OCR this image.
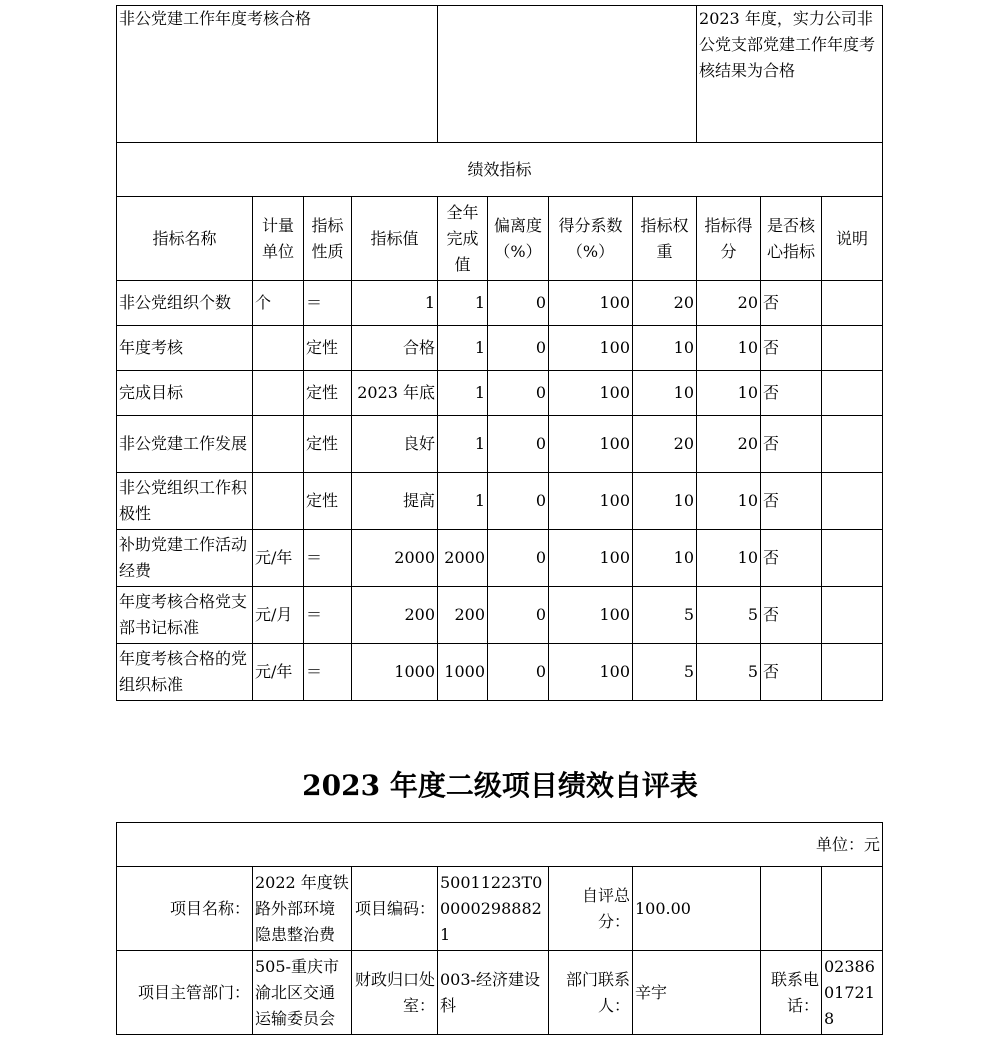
非公党建工作年度考核合格								2023 年度，实力公司非公党支部党建工作年度考核结果为合格		
绩效指标										
指标名称	计量单位	指标性质	指标值	全年完成值	偏离度（%）	得分系数（%）	指标权重	指标得分	是否核心指标	说明
非公党组织个数	个	＝	1	1	0	100	20	20	否	
年度考核		定性	合格	1	0	100	10	10	否	
完成目标		定性	2023 年底	1	0	100	10	10	否	
非公党建工作发展		定性	良好	1	0	100	20	20	否	
非公党组织工作积极性		定性	提高	1	0	100	10	10	否	
补助党建工作活动经费	元/年	＝	2000	2000	0	100	10	10	否	
年度考核合格党支部书记标准	元/月	＝	200	200	0	100	5	5	否	
年度考核合格的党组织标准	元/年	＝	1000	1000	0	100	5	5	否	
2023 年度二级项目绩效自评表
单位：元							
项目名称：	2022 年度铁路外部环境隐患整治费	项目编码：	50011223T000002988821	自评总分：	100.00		
项目主管部门：	505-重庆市渝北区交通运输委员会	财政归口处室：	003-经济建设科	部门联系人：	辛宇	联系电话：	02386017218
